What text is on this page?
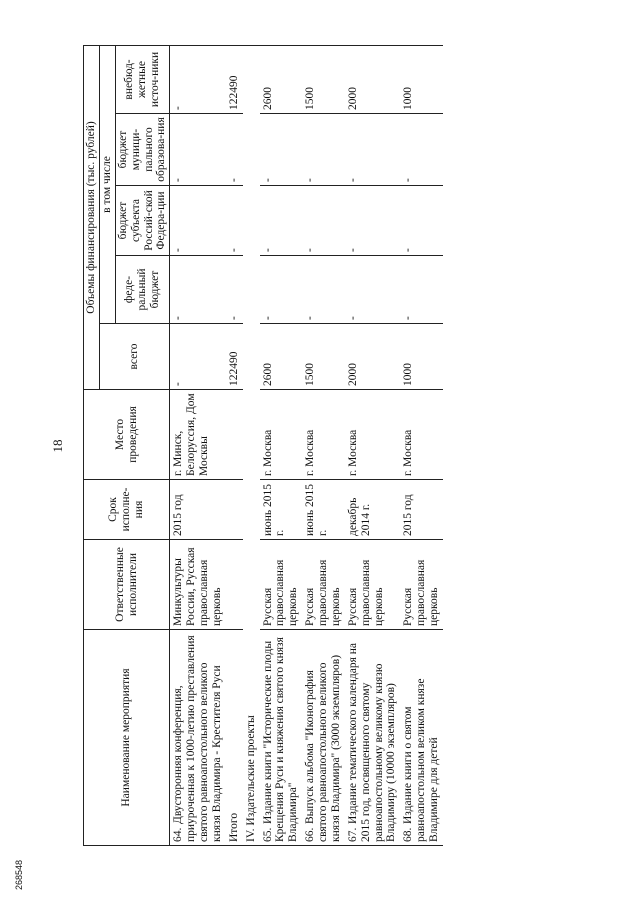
18
Наименование мероприятия	Ответственные исполнители	Срок исполне-ния	Место проведения	Объемы финансирования (тыс. рублей)				
				всего	в том числе			
					феде-ральный бюджет	бюджет субъекта Россий-ской Федера-ции	бюджет муници-пального образова-ния	внебюд-жетные источ-ники
64.Двусторонняя конференция, приуроченная к 1000-летию преставления святого равноапостольного великого князя Владимира - Крестителя Руси	Минкультуры России, Русская православная церковь	2015 год	г. Минск, Белоруссия, Дом Москвы	-	-	-	-	-
Итого				122490	-	-	-	122490
IV. Издательские проекты								
65.Издание книги "Исторические плоды Крещения Руси и княжения святого князя Владимира"	Русская православная церковь	июнь 2015 г.	г. Москва	2600	-	-	-	2600
66.Выпуск альбома "Иконография святого равноапостольного великого князя Владимира" (3000 экземпляров)	Русская православная церковь	июнь 2015 г.	г. Москва	1500	-	-	-	1500
67.Издание тематического календаря на 2015 год, посвященного святому равноапостольному великому князю Владимиру (10000 экземпляров)	Русская православная церковь	декабрь 2014 г.	г. Москва	2000	-	-	-	2000
68.Издание книги о святом равноапостольном великом князе Владимире для детей	Русская православная церковь	2015 год	г. Москва	1000	-	-	-	1000
268548
